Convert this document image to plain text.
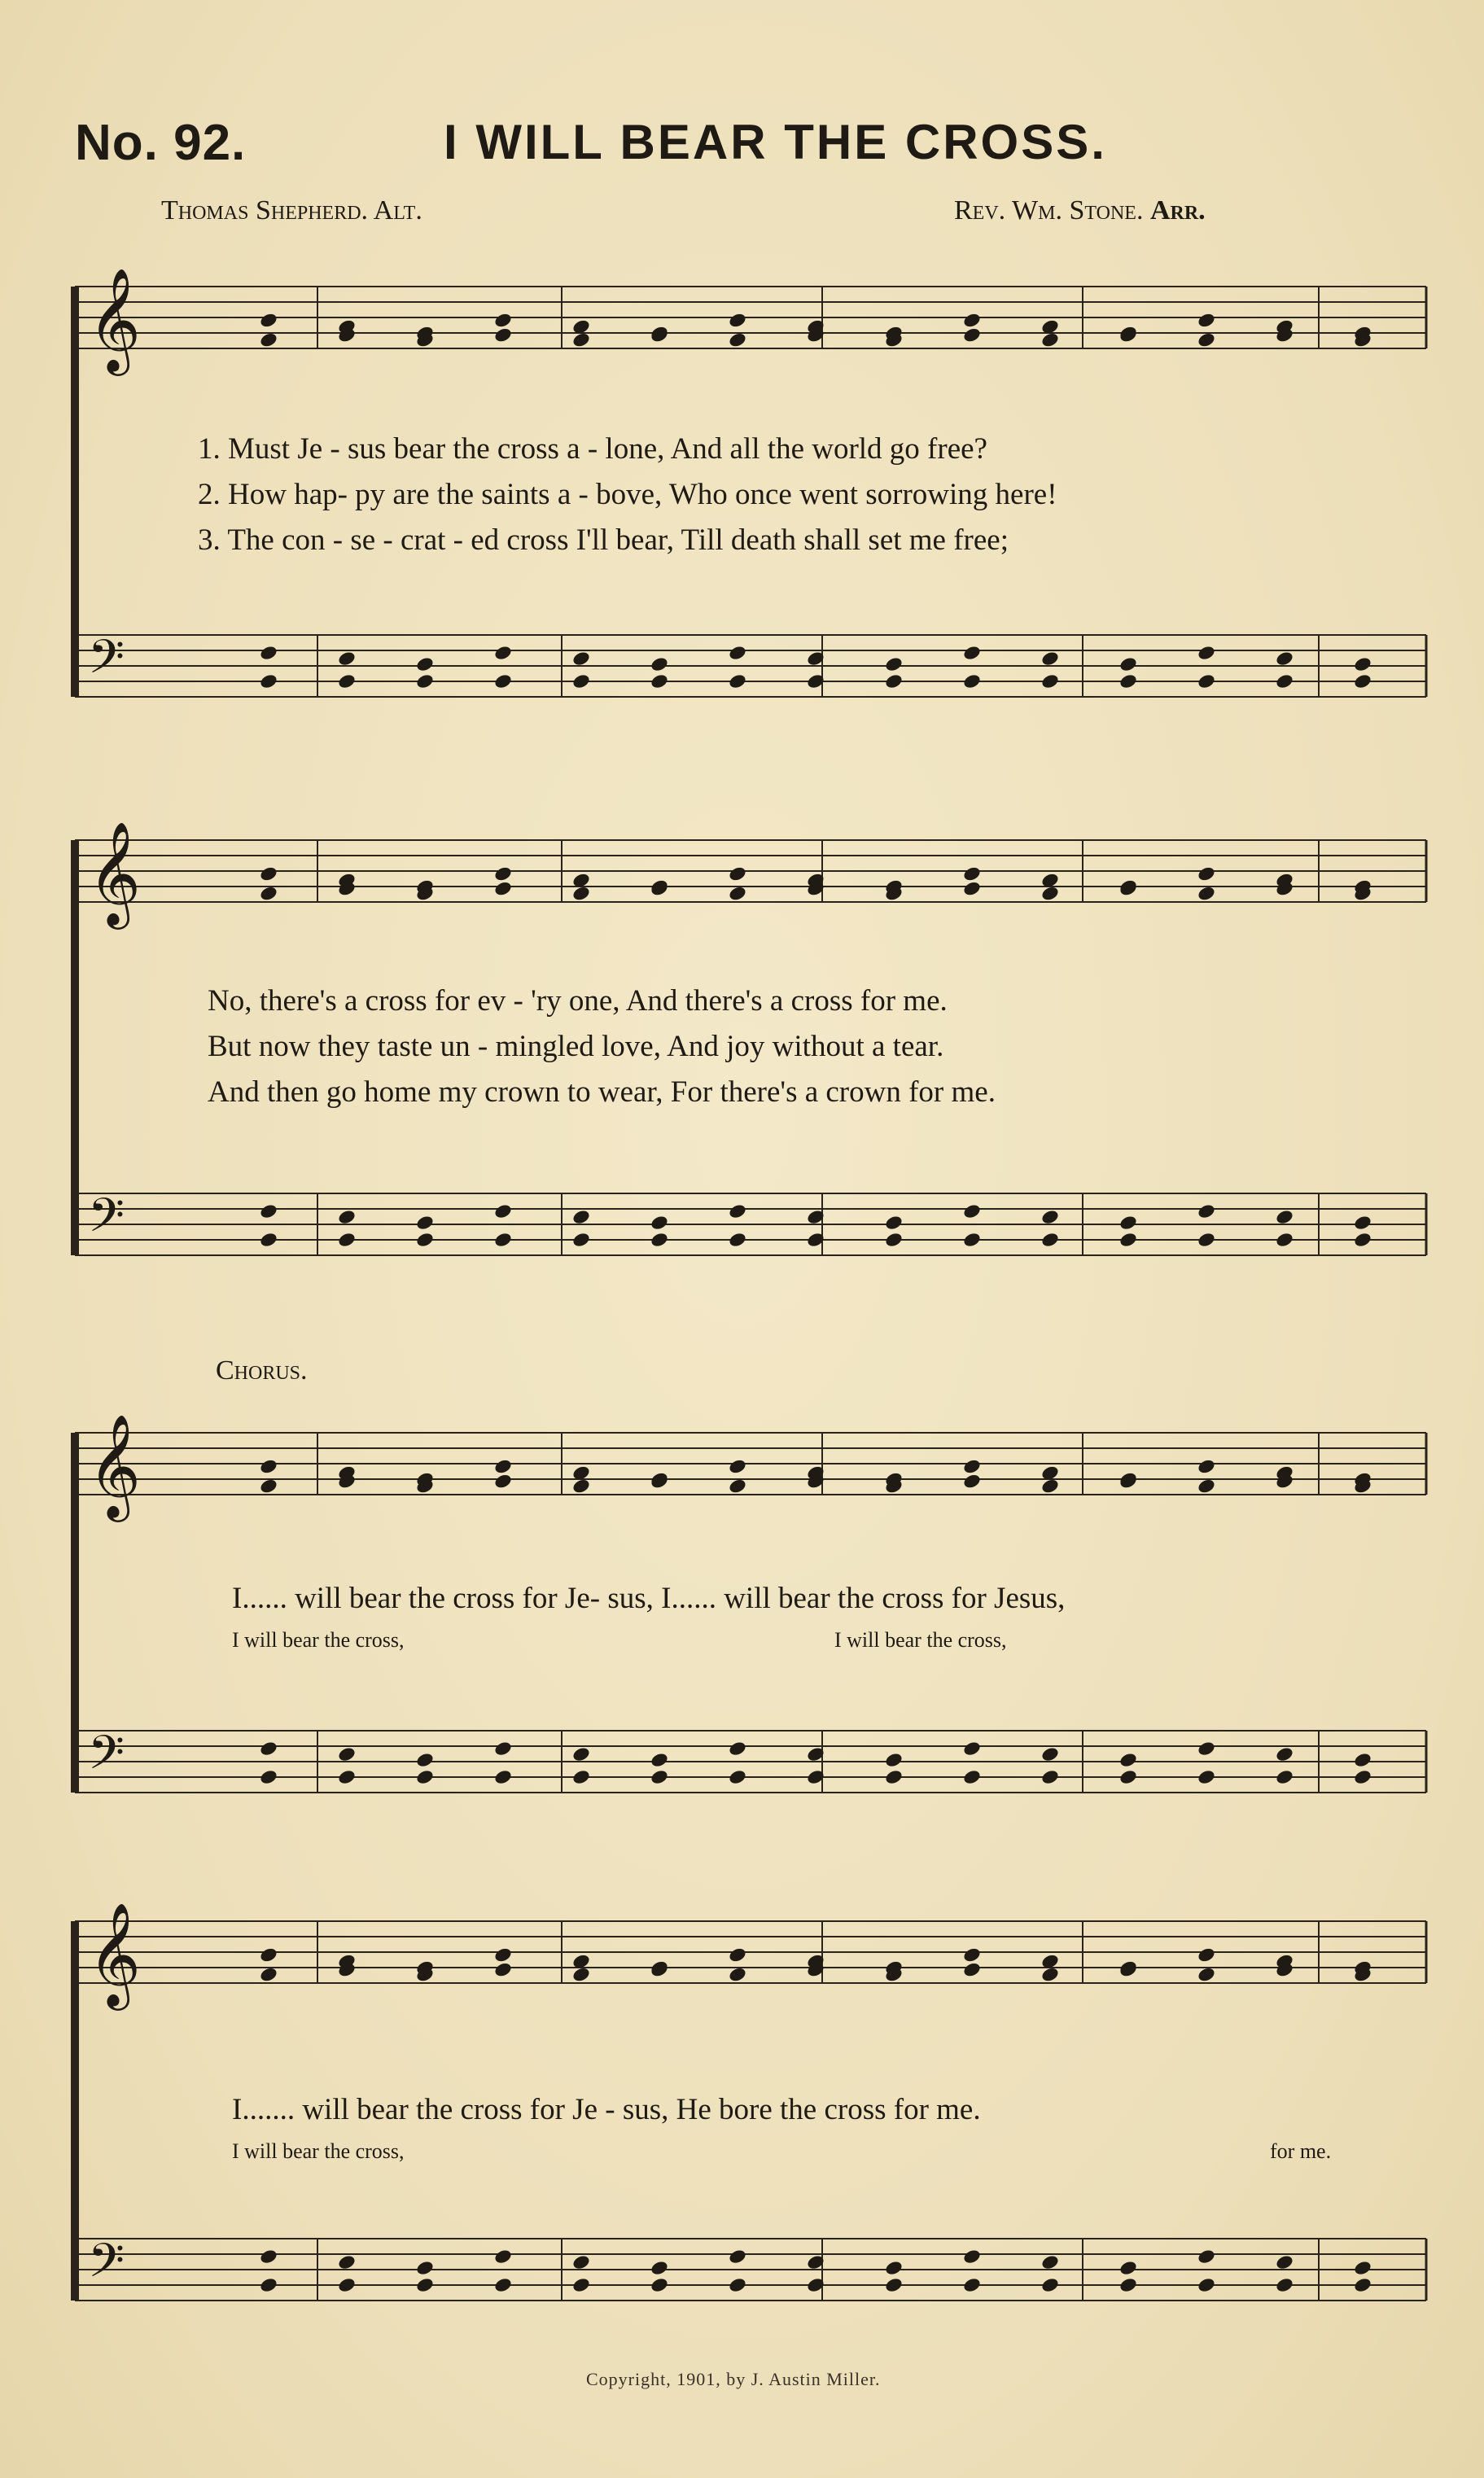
No. 92.	I WILL BEAR THE CROSS.
Thomas Shepherd. Alt.	Rev. Wm. Stone. Arr.
𝄞
𝄢
𝄞
𝄢
𝄞
𝄢
𝄞
𝄢
1. Must Je - sus bear the cross a - lone, And all the world go free?
2. How hap- py are the saints a - bove, Who once went sorrowing here!
3. The con - se - crat - ed cross I'll bear, Till death shall set me free;
No, there's a cross for ev - 'ry one, And there's a cross for me.
But now they taste un - mingled love, And joy without a tear.
And then go home my crown to wear, For there's a crown for me.
Chorus.
I...... will bear the cross for Je- sus, I...... will bear the cross for Jesus,
I will bear the cross,	I will bear the cross,
I....... will bear the cross for Je - sus, He bore the cross for me.
I will bear the cross,	for me.
Copyright, 1901, by J. Austin Miller.
